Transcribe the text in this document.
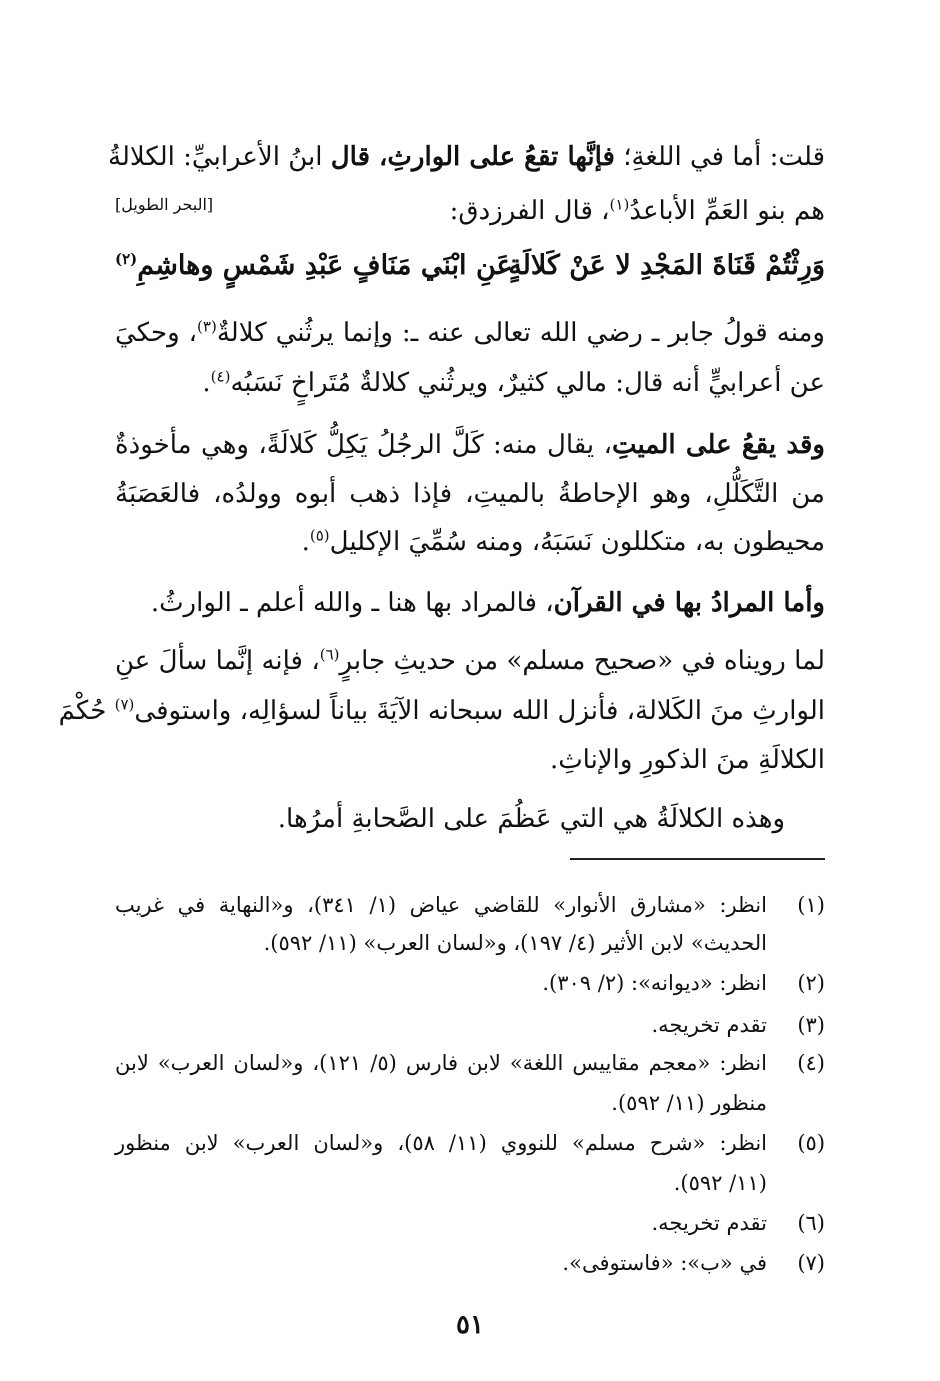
قلت: أما في اللغةِ؛ فإنَّها تقعُ على الوارثِ، قال ابنُ الأعرابيِّ: الكلالةُ
هم بنو العَمِّ الأباعدُ$^{(١)}$، قال الفرزدق:
[البحر الطويل]
وَرِثْتُمْ قَنَاةَ المَجْدِ لا عَنْ كَلالَةٍ
عَنِ ابْنَي مَنَافٍ عَبْدِ شَمْسٍ وهاشِمِ$^{(٢)}$
ومنه قولُ جابر ـ رضي الله تعالى عنه ـ: وإنما يرثُني كلالةٌ$^{(٣)}$، وحكيَ
عن أعرابيٍّ أنه قال: مالي كثيرٌ، ويرثُني كلالةٌ مُتَراخٍ نَسَبُه$^{(٤)}$.
وقد يقعُ على الميتِ، يقال منه: كَلَّ الرجُلُ يَكِلُّ كَلالَةً، وهي مأخوذةٌ
من التَّكَلُّلِ، وهو الإحاطةُ بالميتِ، فإذا ذهب أبوه وولدُه، فالعَصَبَةُ
محيطون به، متكللون نَسَبَهُ، ومنه سُمِّيَ الإكليل$^{(٥)}$.
وأما المرادُ بها في القرآن، فالمراد بها هنا ـ والله أعلم ـ الوارثُ.
لما رويناه في «صحيح مسلم» من حديثِ جابرٍ$^{(٦)}$، فإنه إنَّما سألَ عنِ
الوارثِ منَ الكَلالة، فأنزل الله سبحانه الآيَةَ بياناً لسؤالِه، واستوفى$^{(٧)}$ حُكْمَ
الكلالَةِ منَ الذكورِ والإناثِ.
وهذه الكلالَةُ هي التي عَظُمَ على الصَّحابةِ أمرُها.
(١)انظر: «مشارق الأنوار» للقاضي عياض (١/ ٣٤١)، و«النهاية في غريب
الحديث» لابن الأثير (٤/ ١٩٧)، و«لسان العرب» (١١/ ٥٩٢).
(٢)انظر: «ديوانه»: (٢/ ٣٠٩).
(٣)تقدم تخريجه.
(٤)انظر: «معجم مقاييس اللغة» لابن فارس (٥/ ١٢١)، و«لسان العرب» لابن
منظور (١١/ ٥٩٢).
(٥)انظر: «شرح مسلم» للنووي (١١/ ٥٨)، و«لسان العرب» لابن منظور
(١١/ ٥٩٢).
(٦)تقدم تخريجه.
(٧)في «ب»: «فاستوفى».
٥١
